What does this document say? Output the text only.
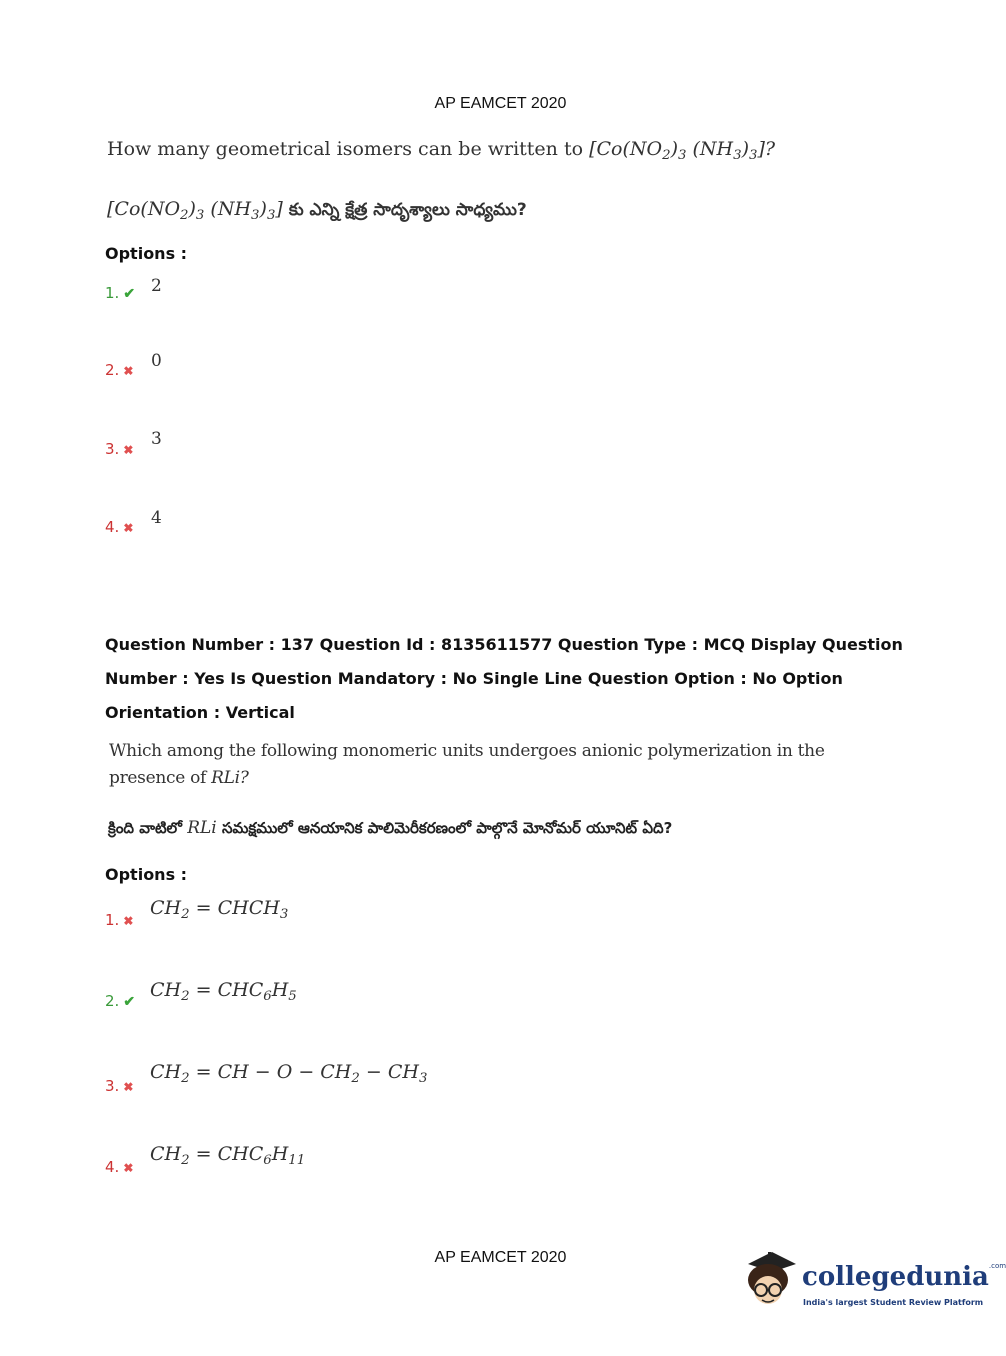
AP EAMCET 2020
How many geometrical isomers can be written to [$Co(NO_2)_3$ $(NH_3)_3$]?
[$Co(NO_2)_3$ $(NH_3)_3$] కు ఎన్ని క్షేత్ర సాదృశ్యాలు సాధ్యము?
Options :
1. ✔ 2
2. ✖ 0
3. ✖
3
4. ✖ 4
Question Number : 137 Question Id : 8135611577 Question Type : MCQ Display Question
Number : Yes Is Question Mandatory : No Single Line Question Option : No Option
Orientation : Vertical
Which among the following monomeric units undergoes anionic polymerization in the
presence of RLi?
క్రింది వాటిలో RLi సమక్షములో ఆనయానిక పాలిమెరీకరణంలో పాల్గొనే మోనోమర్ యూనిట్ ఏది?
Options :
1. ✖
$CH_2$ = $CHCH_3$
2. ✔ $CH_2 = CHC_6H_5$
3. ✖
$CH_2$ = CH − $O - CH_2 - CH_3$
4. ✖
$CH_2 = CHC_6H_{11}$
AP EAMCET 2020
collegedunia$^{.com}$
India's largest Student Review Platform
